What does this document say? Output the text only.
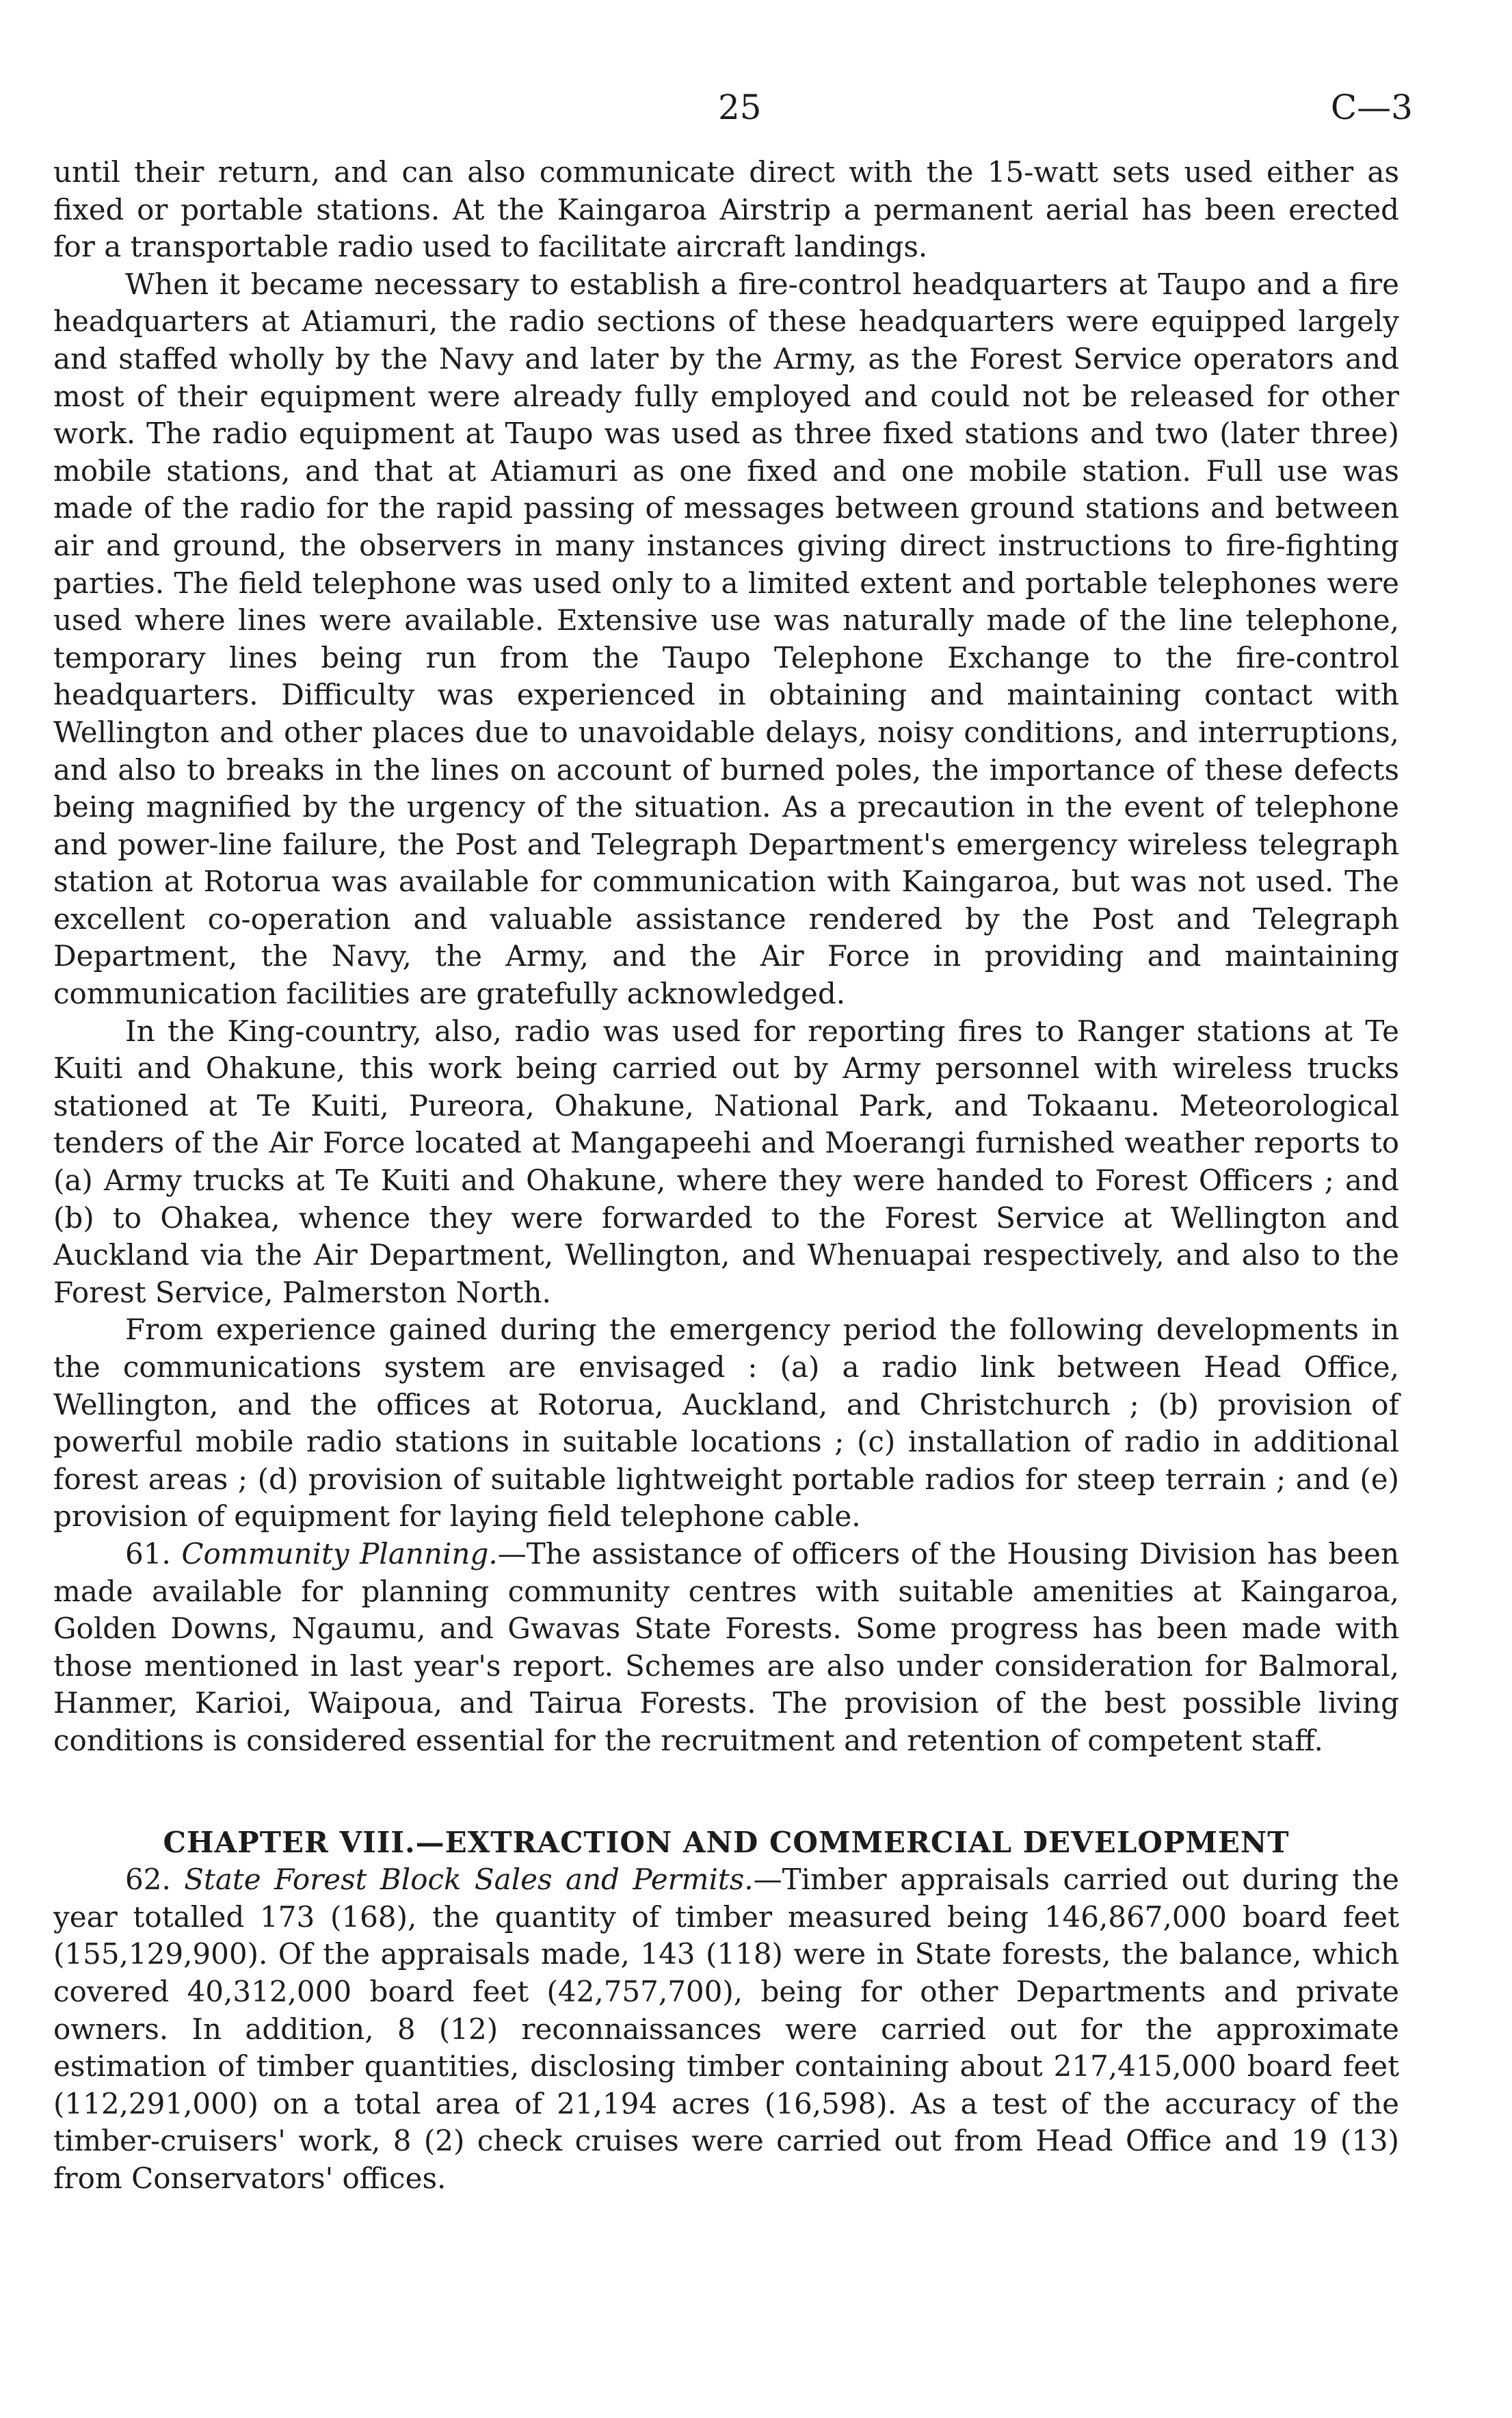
25	C—3

until their return, and can also communicate direct with the 15-watt sets used either as fixed or portable stations. At the Kaingaroa Airstrip a permanent aerial has been erected for a transportable radio used to facilitate aircraft landings.

When it became necessary to establish a fire-control headquarters at Taupo and a fire headquarters at Atiamuri, the radio sections of these headquarters were equipped largely and staffed wholly by the Navy and later by the Army, as the Forest Service operators and most of their equipment were already fully employed and could not be released for other work. The radio equipment at Taupo was used as three fixed stations and two (later three) mobile stations, and that at Atiamuri as one fixed and one mobile station. Full use was made of the radio for the rapid passing of messages between ground stations and between air and ground, the observers in many instances giving direct instructions to fire-fighting parties. The field telephone was used only to a limited extent and portable telephones were used where lines were available. Extensive use was naturally made of the line telephone, temporary lines being run from the Taupo Telephone Exchange to the fire-control headquarters. Difficulty was experienced in obtaining and maintaining contact with Wellington and other places due to unavoidable delays, noisy conditions, and interruptions, and also to breaks in the lines on account of burned poles, the importance of these defects being magnified by the urgency of the situation. As a precaution in the event of telephone and power-line failure, the Post and Telegraph Department's emergency wireless telegraph station at Rotorua was available for communication with Kaingaroa, but was not used. The excellent co-operation and valuable assistance rendered by the Post and Telegraph Department, the Navy, the Army, and the Air Force in providing and maintaining communication facilities are gratefully acknowledged.

In the King-country, also, radio was used for reporting fires to Ranger stations at Te Kuiti and Ohakune, this work being carried out by Army personnel with wireless trucks stationed at Te Kuiti, Pureora, Ohakune, National Park, and Tokaanu. Meteorological tenders of the Air Force located at Mangapeehi and Moerangi furnished weather reports to (a) Army trucks at Te Kuiti and Ohakune, where they were handed to Forest Officers ; and (b) to Ohakea, whence they were forwarded to the Forest Service at Wellington and Auckland via the Air Department, Wellington, and Whenuapai respectively, and also to the Forest Service, Palmerston North.

From experience gained during the emergency period the following developments in the communications system are envisaged : (a) a radio link between Head Office, Wellington, and the offices at Rotorua, Auckland, and Christchurch ; (b) provision of powerful mobile radio stations in suitable locations ; (c) installation of radio in additional forest areas ; (d) provision of suitable lightweight portable radios for steep terrain ; and (e) provision of equipment for laying field telephone cable.

61. Community Planning.—The assistance of officers of the Housing Division has been made available for planning community centres with suitable amenities at Kaingaroa, Golden Downs, Ngaumu, and Gwavas State Forests. Some progress has been made with those mentioned in last year's report. Schemes are also under consideration for Balmoral, Hanmer, Karioi, Waipoua, and Tairua Forests. The provision of the best possible living conditions is considered essential for the recruitment and retention of competent staff.

CHAPTER VIII.—EXTRACTION AND COMMERCIAL DEVELOPMENT

62. State Forest Block Sales and Permits.—Timber appraisals carried out during the year totalled 173 (168), the quantity of timber measured being 146,867,000 board feet (155,129,900). Of the appraisals made, 143 (118) were in State forests, the balance, which covered 40,312,000 board feet (42,757,700), being for other Departments and private owners. In addition, 8 (12) reconnaissances were carried out for the approximate estimation of timber quantities, disclosing timber containing about 217,415,000 board feet (112,291,000) on a total area of 21,194 acres (16,598). As a test of the accuracy of the timber-cruisers' work, 8 (2) check cruises were carried out from Head Office and 19 (13) from Conservators' offices.
